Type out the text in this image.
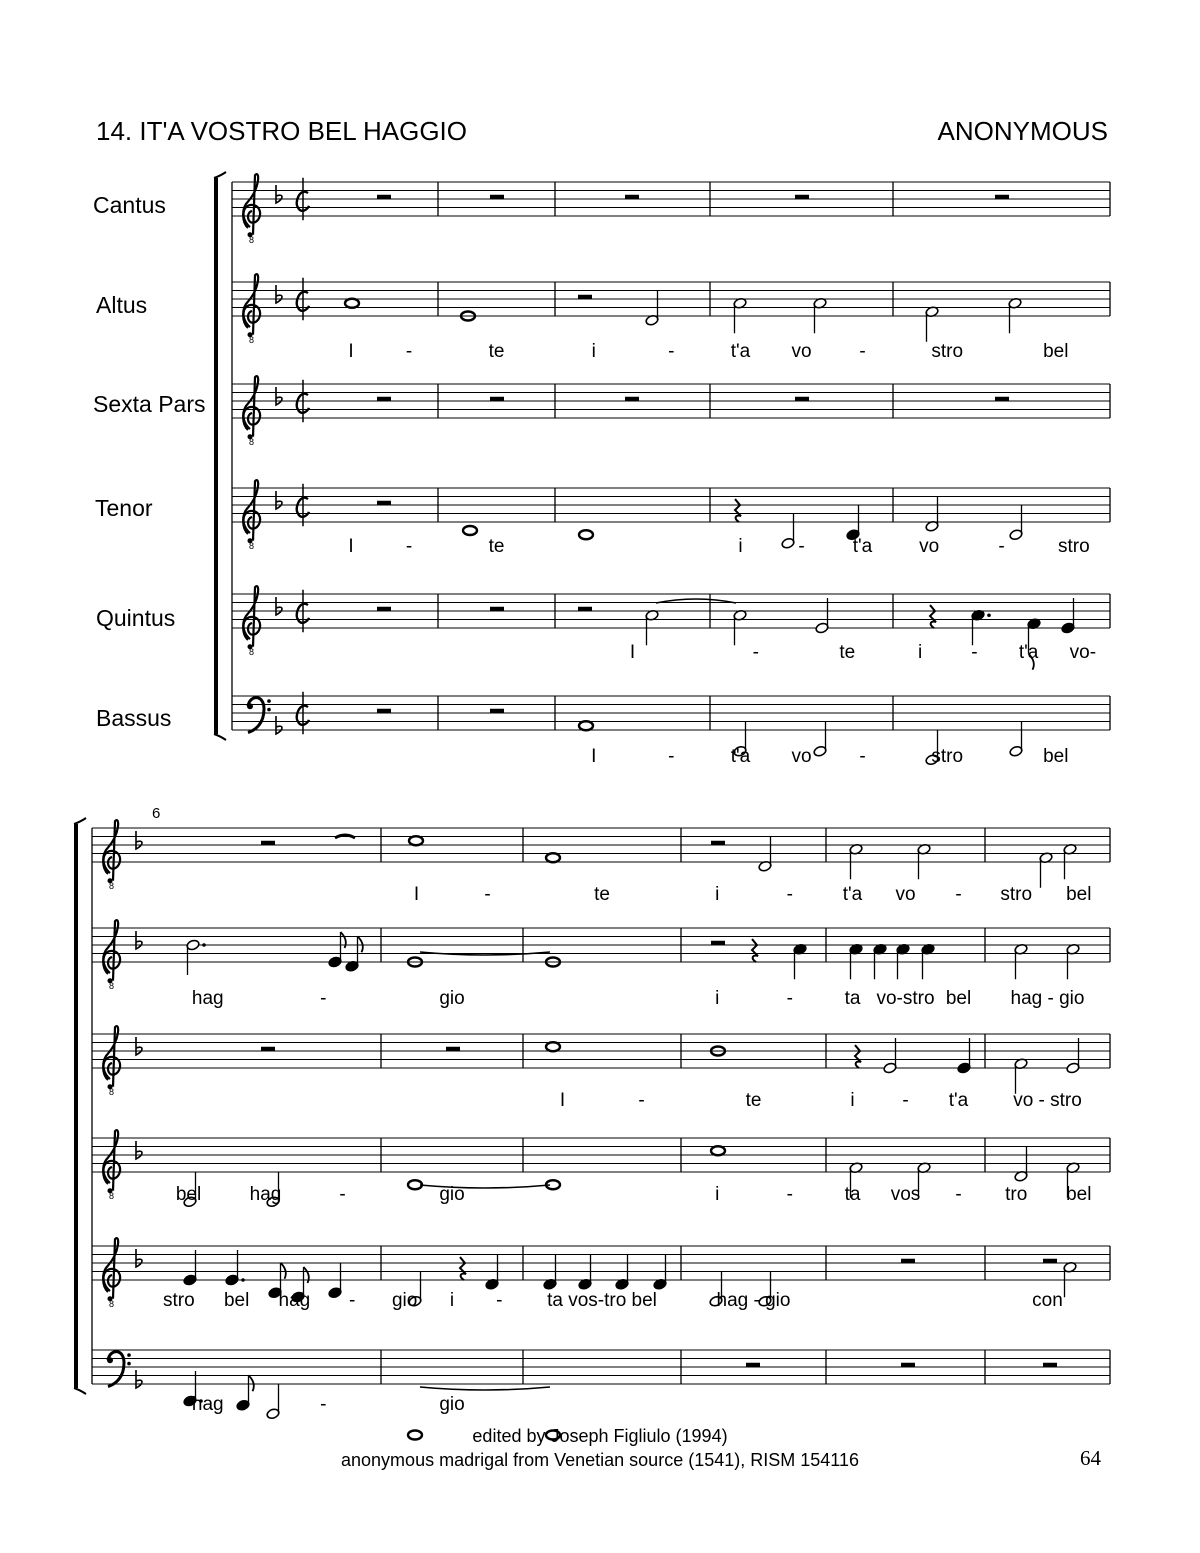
14. IT'A VOSTRO BEL HAGGIO	ANONYMOUS
Cantus
Altus
Sexta Pars
Tenor
Quintus
Bassus
8
8
I	-	te	i	-	t'a vo	-	stro	bel
8
8	I	-	te	i	-	t'a vo	-	stro
8	I	-	te	i	- t'a vo-
I	-	t'a vo	-	stro	bel
8	I	-	te	i	-	t'a vo - stro bel
8
hag	-	gio	i	-	ta vo-stro bel hag - gio
8	I	-	te	i	- t'a vo - stro
8	bel	hag	-	gio	i	-	ta vos - tro bel
8	stro bel hag - gio i - ta vos-tro bel	hag - gio	con
hag	-	gio
6
edited by Joseph Figliulo (1994)
anonymous madrigal from Venetian source (1541), RISM 154116	64
